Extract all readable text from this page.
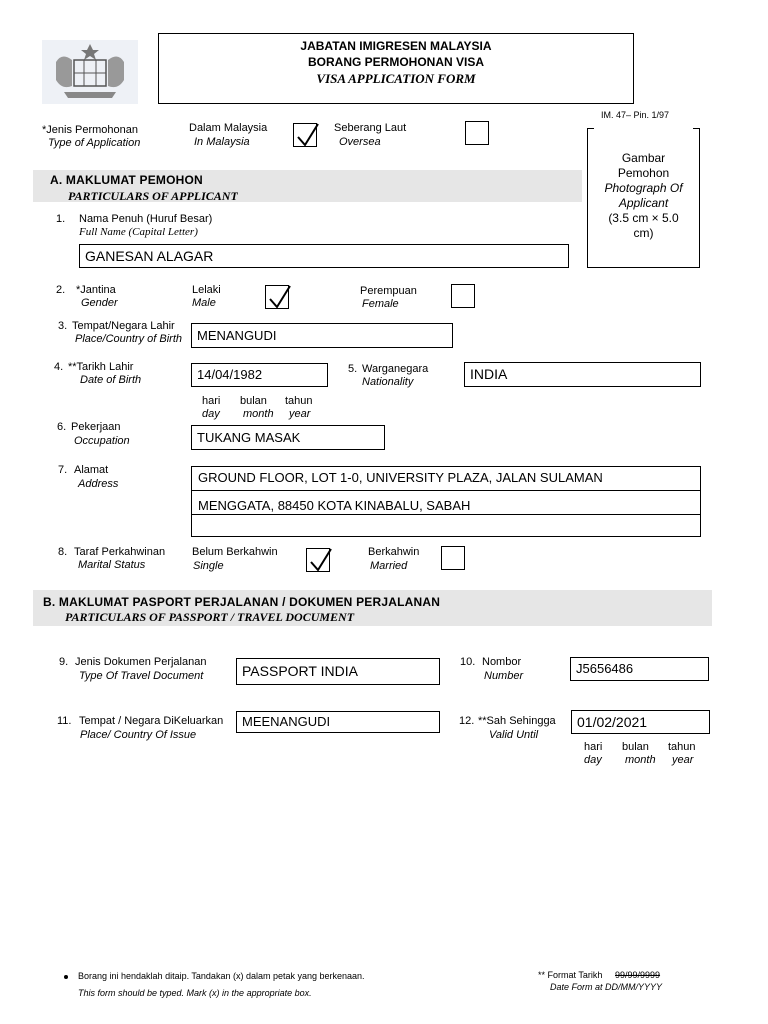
JABATAN IMIGRESEN MALAYSIA
BORANG PERMOHONAN VISA
VISA APPLICATION FORM
IM. 47– Pin. 1/97
Gambar
Pemohon
Photograph Of
Applicant
(3.5 cm × 5.0
cm)
*Jenis Permohonan
Type of Application
Dalam Malaysia
In Malaysia
Seberang Laut
Oversea
A. MAKLUMAT PEMOHON
PARTICULARS OF APPLICANT
1. Nama Penuh (Huruf Besar)
Full Name (Capital Letter)
GANESAN ALAGAR
2. *Jantina
Gender
Lelaki
Male
Perempuan
Female
3. Tempat/Negara Lahir
Place/Country of Birth	MENANGUDI
4. **Tarikh Lahir
Date of Birth	14/04/1982
hari bulan tahun
day month year
5. Warganegara
Nationality	INDIA
6. Pekerjaan
Occupation	TUKANG MASAK
7. Alamat
Address	GROUND FLOOR, LOT 1-0, UNIVERSITY PLAZA, JALAN SULAMAN
MENGGATA, 88450 KOTA KINABALU, SABAH
8. Taraf Perkahwinan
Marital Status
Belum Berkahwin
Single
Berkahwin
Married
B. MAKLUMAT PASPORT PERJALANAN / DOKUMEN PERJALANAN
PARTICULARS OF PASSPORT / TRAVEL DOCUMENT
9. Jenis Dokumen Perjalanan
Type Of Travel Document	PASSPORT INDIA
10. Nombor
Number	J5656486
11. Tempat / Negara DiKeluarkan
Place/ Country Of Issue
MEENANGUDI	12. **Sah Sehingga
Valid Until
01/02/2021
hari bulan tahun
day month year
Borang ini hendaklah ditaip. Tandakan (x) dalam petak yang berkenaan.
This form should be typed. Mark (x) in the appropriate box.
** Format Tarikh 99/99/9999
Date Form at DD/MM/YYYY
